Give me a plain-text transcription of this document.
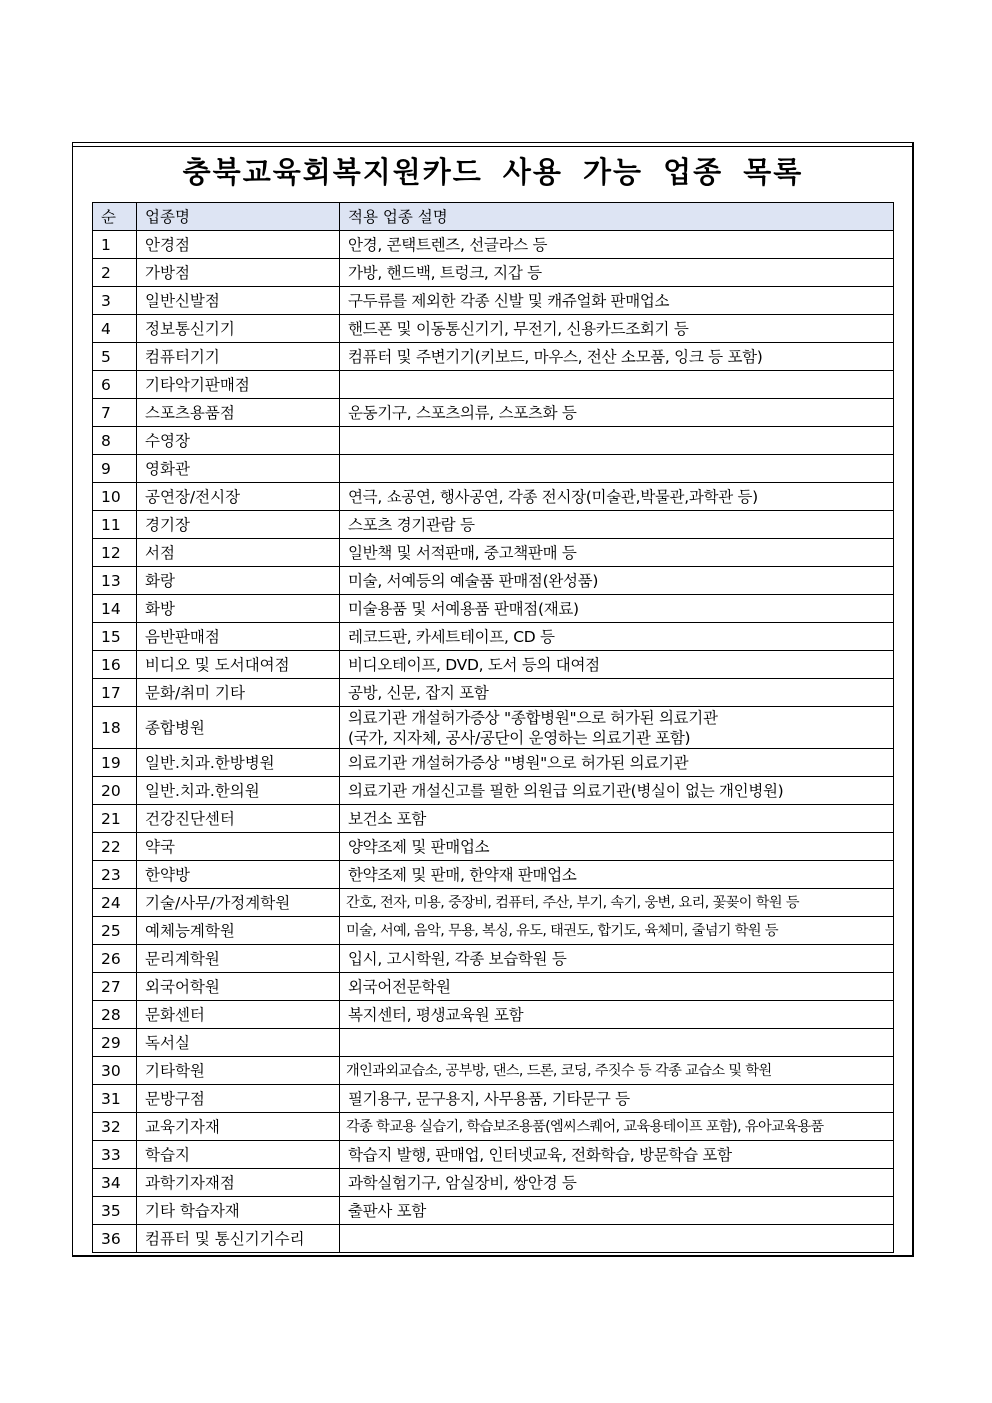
충북교육회복지원카드 사용 가능 업종 목록
순	업종명	적용 업종 설명
1	안경점	안경, 콘택트렌즈, 선글라스 등
2	가방점	가방, 핸드백, 트렁크, 지갑 등
3	일반신발점	구두류를 제외한 각종 신발 및 캐쥬얼화 판매업소
4	정보통신기기	핸드폰 및 이동통신기기, 무전기, 신용카드조회기 등
5	컴퓨터기기	컴퓨터 및 주변기기(키보드, 마우스, 전산 소모품, 잉크 등 포함)
6	기타악기판매점	
7	스포츠용품점	운동기구, 스포츠의류, 스포츠화 등
8	수영장	
9	영화관	
10	공연장/전시장	연극, 쇼공연, 행사공연, 각종 전시장(미술관,박물관,과학관 등)
11	경기장	스포츠 경기관람 등
12	서점	일반책 및 서적판매, 중고책판매 등
13	화랑	미술, 서예등의 예술품 판매점(완성품)
14	화방	미술용품 및 서예용품 판매점(재료)
15	음반판매점	레코드판, 카세트테이프, CD 등
16	비디오 및 도서대여점	비디오테이프, DVD, 도서 등의 대여점
17	문화/취미 기타	공방, 신문, 잡지 포함
18	종합병원	의료기관 개설허가증상 "종합병원"으로 허가된 의료기관
(국가, 지자체, 공사/공단이 운영하는 의료기관 포함)

19	일반.치과.한방병원	의료기관 개설허가증상 "병원"으로 허가된 의료기관
20	일반.치과.한의원	의료기관 개설신고를 필한 의원급 의료기관(병실이 없는 개인병원)
21	건강진단센터	보건소 포함
22	약국	양약조제 및 판매업소
23	한약방	한약조제 및 판매, 한약재 판매업소
24	기술/사무/가정계학원	간호, 전자, 미용, 중장비, 컴퓨터, 주산, 부기, 속기, 웅변, 요리, 꽃꽂이 학원 등
25	예체능계학원	미술, 서예, 음악, 무용, 복싱, 유도, 태권도, 합기도, 육체미, 줄넘기 학원 등
26	문리계학원	입시, 고시학원, 각종 보습학원 등
27	외국어학원	외국어전문학원
28	문화센터	복지센터, 평생교육원 포함
29	독서실	
30	기타학원	개인과외교습소, 공부방, 댄스, 드론, 코딩, 주짓수 등 각종 교습소 및 학원
31	문방구점	필기용구, 문구용지, 사무용품, 기타문구 등
32	교육기자재	각종 학교용 실습기, 학습보조용품(엠씨스퀘어, 교육용테이프 포함), 유아교육용품
33	학습지	학습지 발행, 판매업, 인터넷교육, 전화학습, 방문학습 포함
34	과학기자재점	과학실험기구, 암실장비, 쌍안경 등
35	기타 학습자재	출판사 포함
36	컴퓨터 및 통신기기수리	
